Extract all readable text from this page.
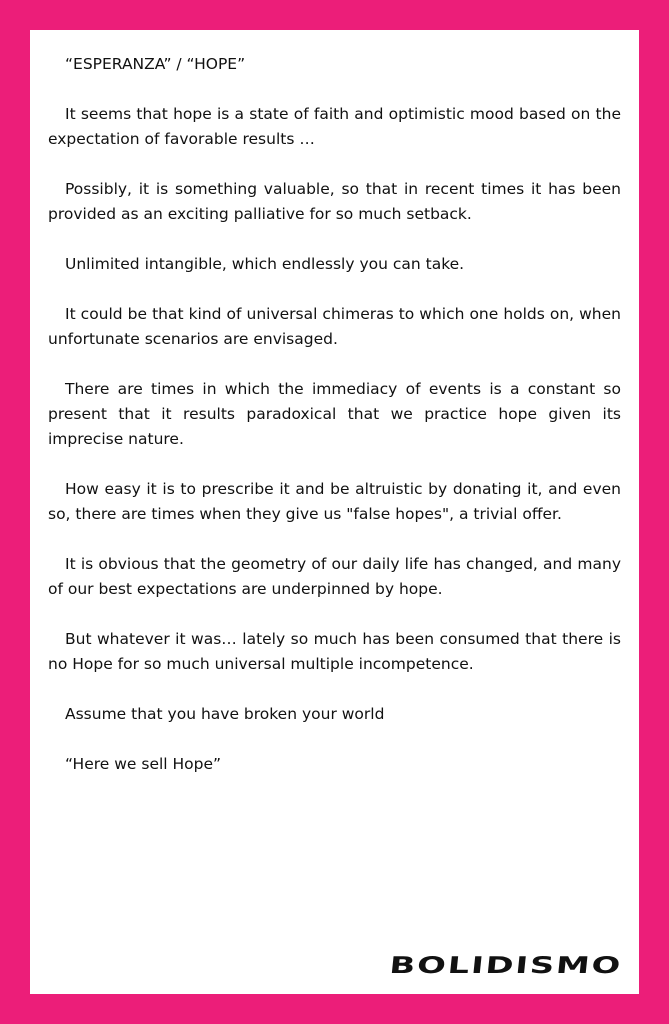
“ESPERANZA” / “HOPE”

It seems that hope is a state of faith and optimistic mood based on the expectation of favorable results …

Possibly, it is something valuable, so that in recent times it has been provided as an exciting palliative for so much setback.

Unlimited intangible, which endlessly you can take.

It could be that kind of universal chimeras to which one holds on, when unfortunate scenarios are envisaged.

There are times in which the immediacy of events is a constant so present that it results paradoxical that we practice hope given its imprecise nature.

How easy it is to prescribe it and be altruistic by donating it, and even so, there are times when they give us "false hopes", a trivial offer.

It is obvious that the geometry of our daily life has changed, and many of our best expectations are underpinned by hope.

But whatever it was… lately so much has been consumed that there is no Hope for so much universal multiple incompetence.

Assume that you have broken your world

“Here we sell Hope”

BOLIDISMO
